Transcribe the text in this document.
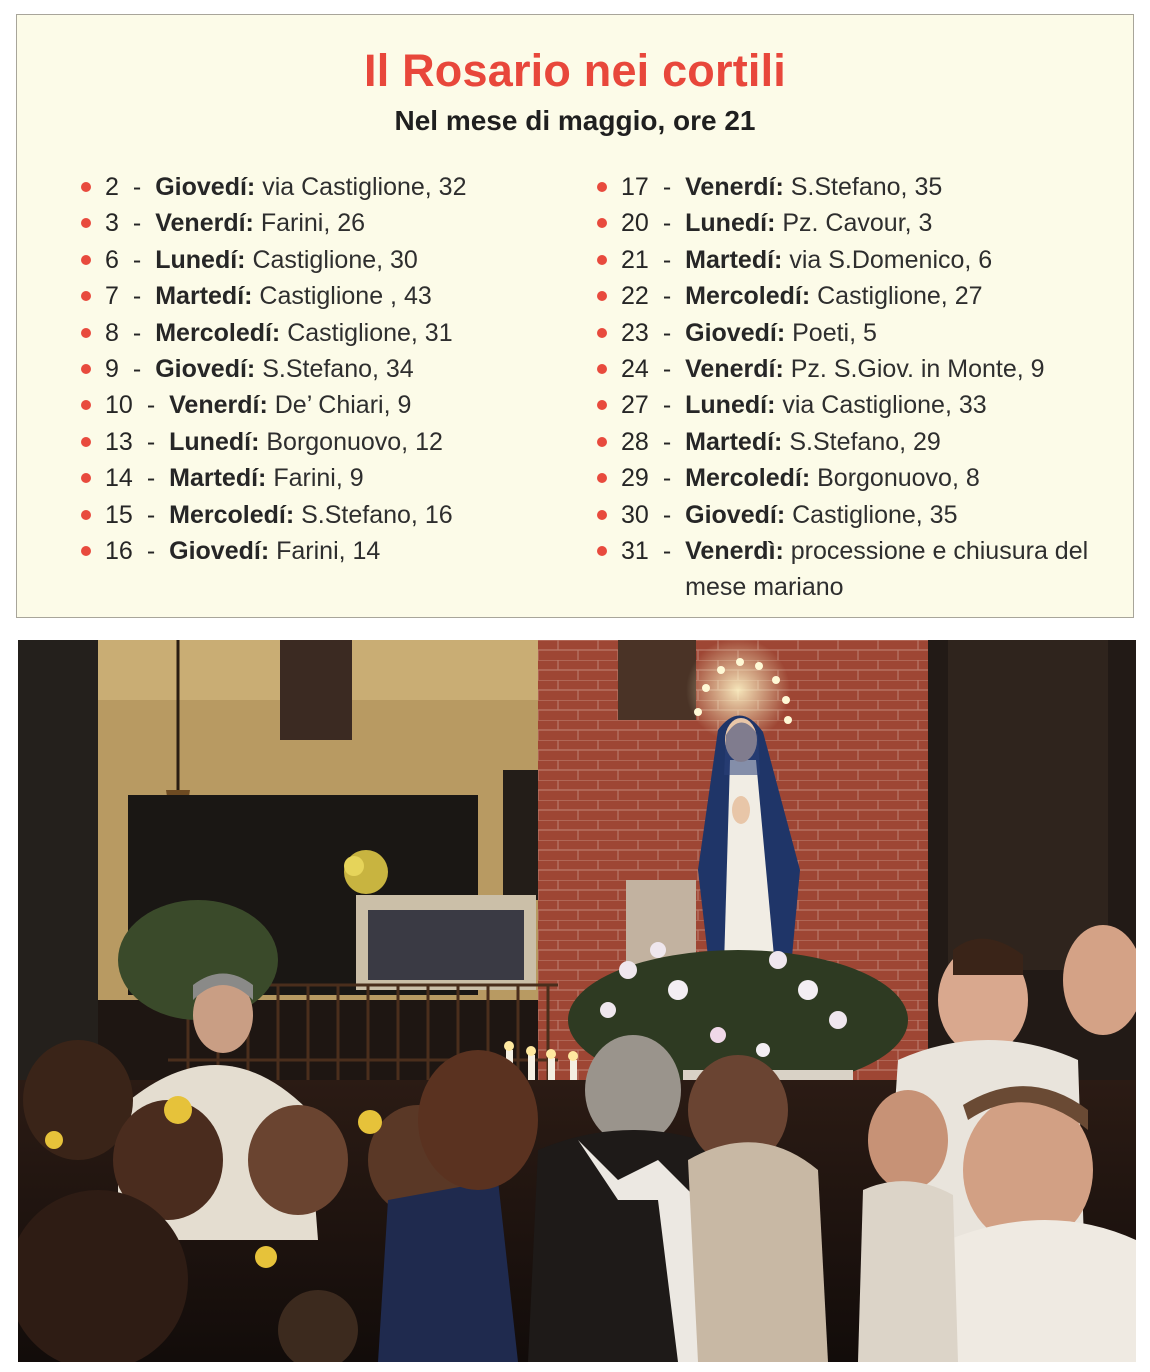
Il Rosario nei cortili
Nel mese di maggio, ore 21
2 - Giovedí: via Castiglione, 32
3 - Venerdí: Farini, 26
6 - Lunedí: Castiglione, 30
7 - Martedí: Castiglione , 43
8 - Mercoledí: Castiglione, 31
9 - Giovedí: S.Stefano, 34
10 - Venerdí: De’ Chiari, 9
13 - Lunedí: Borgonuovo, 12
14 - Martedí: Farini, 9
15 - Mercoledí: S.Stefano, 16
16 - Giovedí: Farini, 14
17 - Venerdí: S.Stefano, 35
20 - Lunedí: Pz. Cavour, 3
21 - Martedí: via S.Domenico, 6
22 - Mercoledí: Castiglione, 27
23 - Giovedí: Poeti, 5
24 - Venerdí: Pz. S.Giov. in Monte, 9
27 - Lunedí: via Castiglione, 33
28 - Martedí: S.Stefano, 29
29 - Mercoledí: Borgonuovo, 8
30 - Giovedí: Castiglione, 35
31 - Venerdì: processione e chiusura del mese mariano
